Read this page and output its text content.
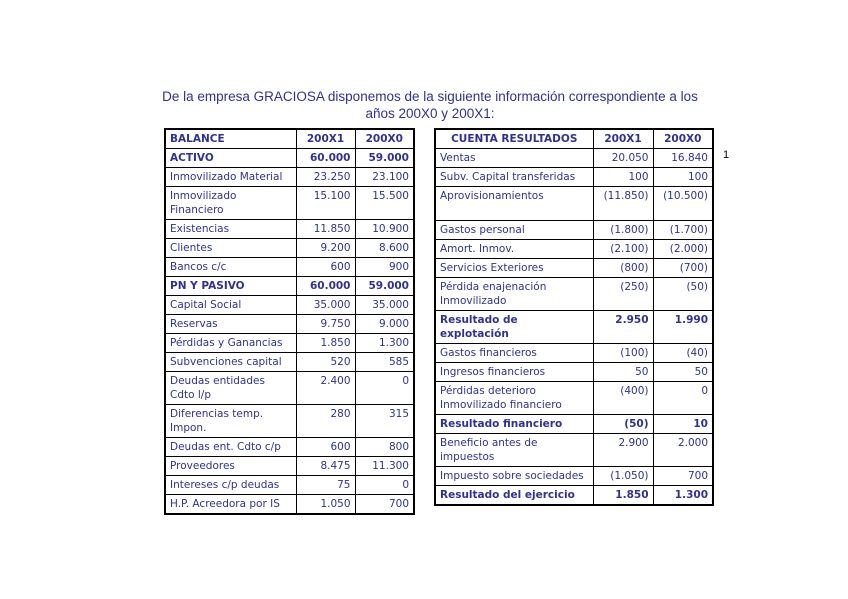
De la empresa GRACIOSA disponemos de la siguiente información correspondiente a los
años 200X0 y 200X1:
1
BALANCE	200X1	200X0
ACTIVO	60.000	59.000
Inmovilizado Material	23.250	23.100
Inmovilizado Financiero	15.100	15.500
Existencias	11.850	10.900
Clientes	9.200	8.600
Bancos c/c	600	900
PN Y PASIVO	60.000	59.000
Capital Social	35.000	35.000
Reservas	9.750	9.000
Pérdidas y Ganancias	1.850	1.300
Subvenciones capital	520	585
Deudas entidades Cdto l/p	2.400	0
Diferencias temp. Impon.	280	315
Deudas ent. Cdto c/p	600	800
Proveedores	8.475	11.300
Intereses c/p deudas	75	0
H.P. Acreedora por IS	1.050	700
CUENTA RESULTADOS	200X1	200X0
Ventas	20.050	16.840
Subv. Capital transferidas	100	100
Aprovisionamientos	(11.850)	(10.500)
Gastos personal	(1.800)	(1.700)
Amort. Inmov.	(2.100)	(2.000)
Servicios Exteriores	(800)	(700)
Pérdida enajenación Inmovilizado	(250)	(50)
Resultado de explotación	2.950	1.990
Gastos financieros	(100)	(40)
Ingresos financieros	50	50
Pérdidas deterioro Inmovilizado financiero	(400)	0
Resultado financiero	(50)	10
Beneficio antes de impuestos	2.900	2.000
Impuesto sobre sociedades	(1.050)	700
Resultado del ejercicio	1.850	1.300
